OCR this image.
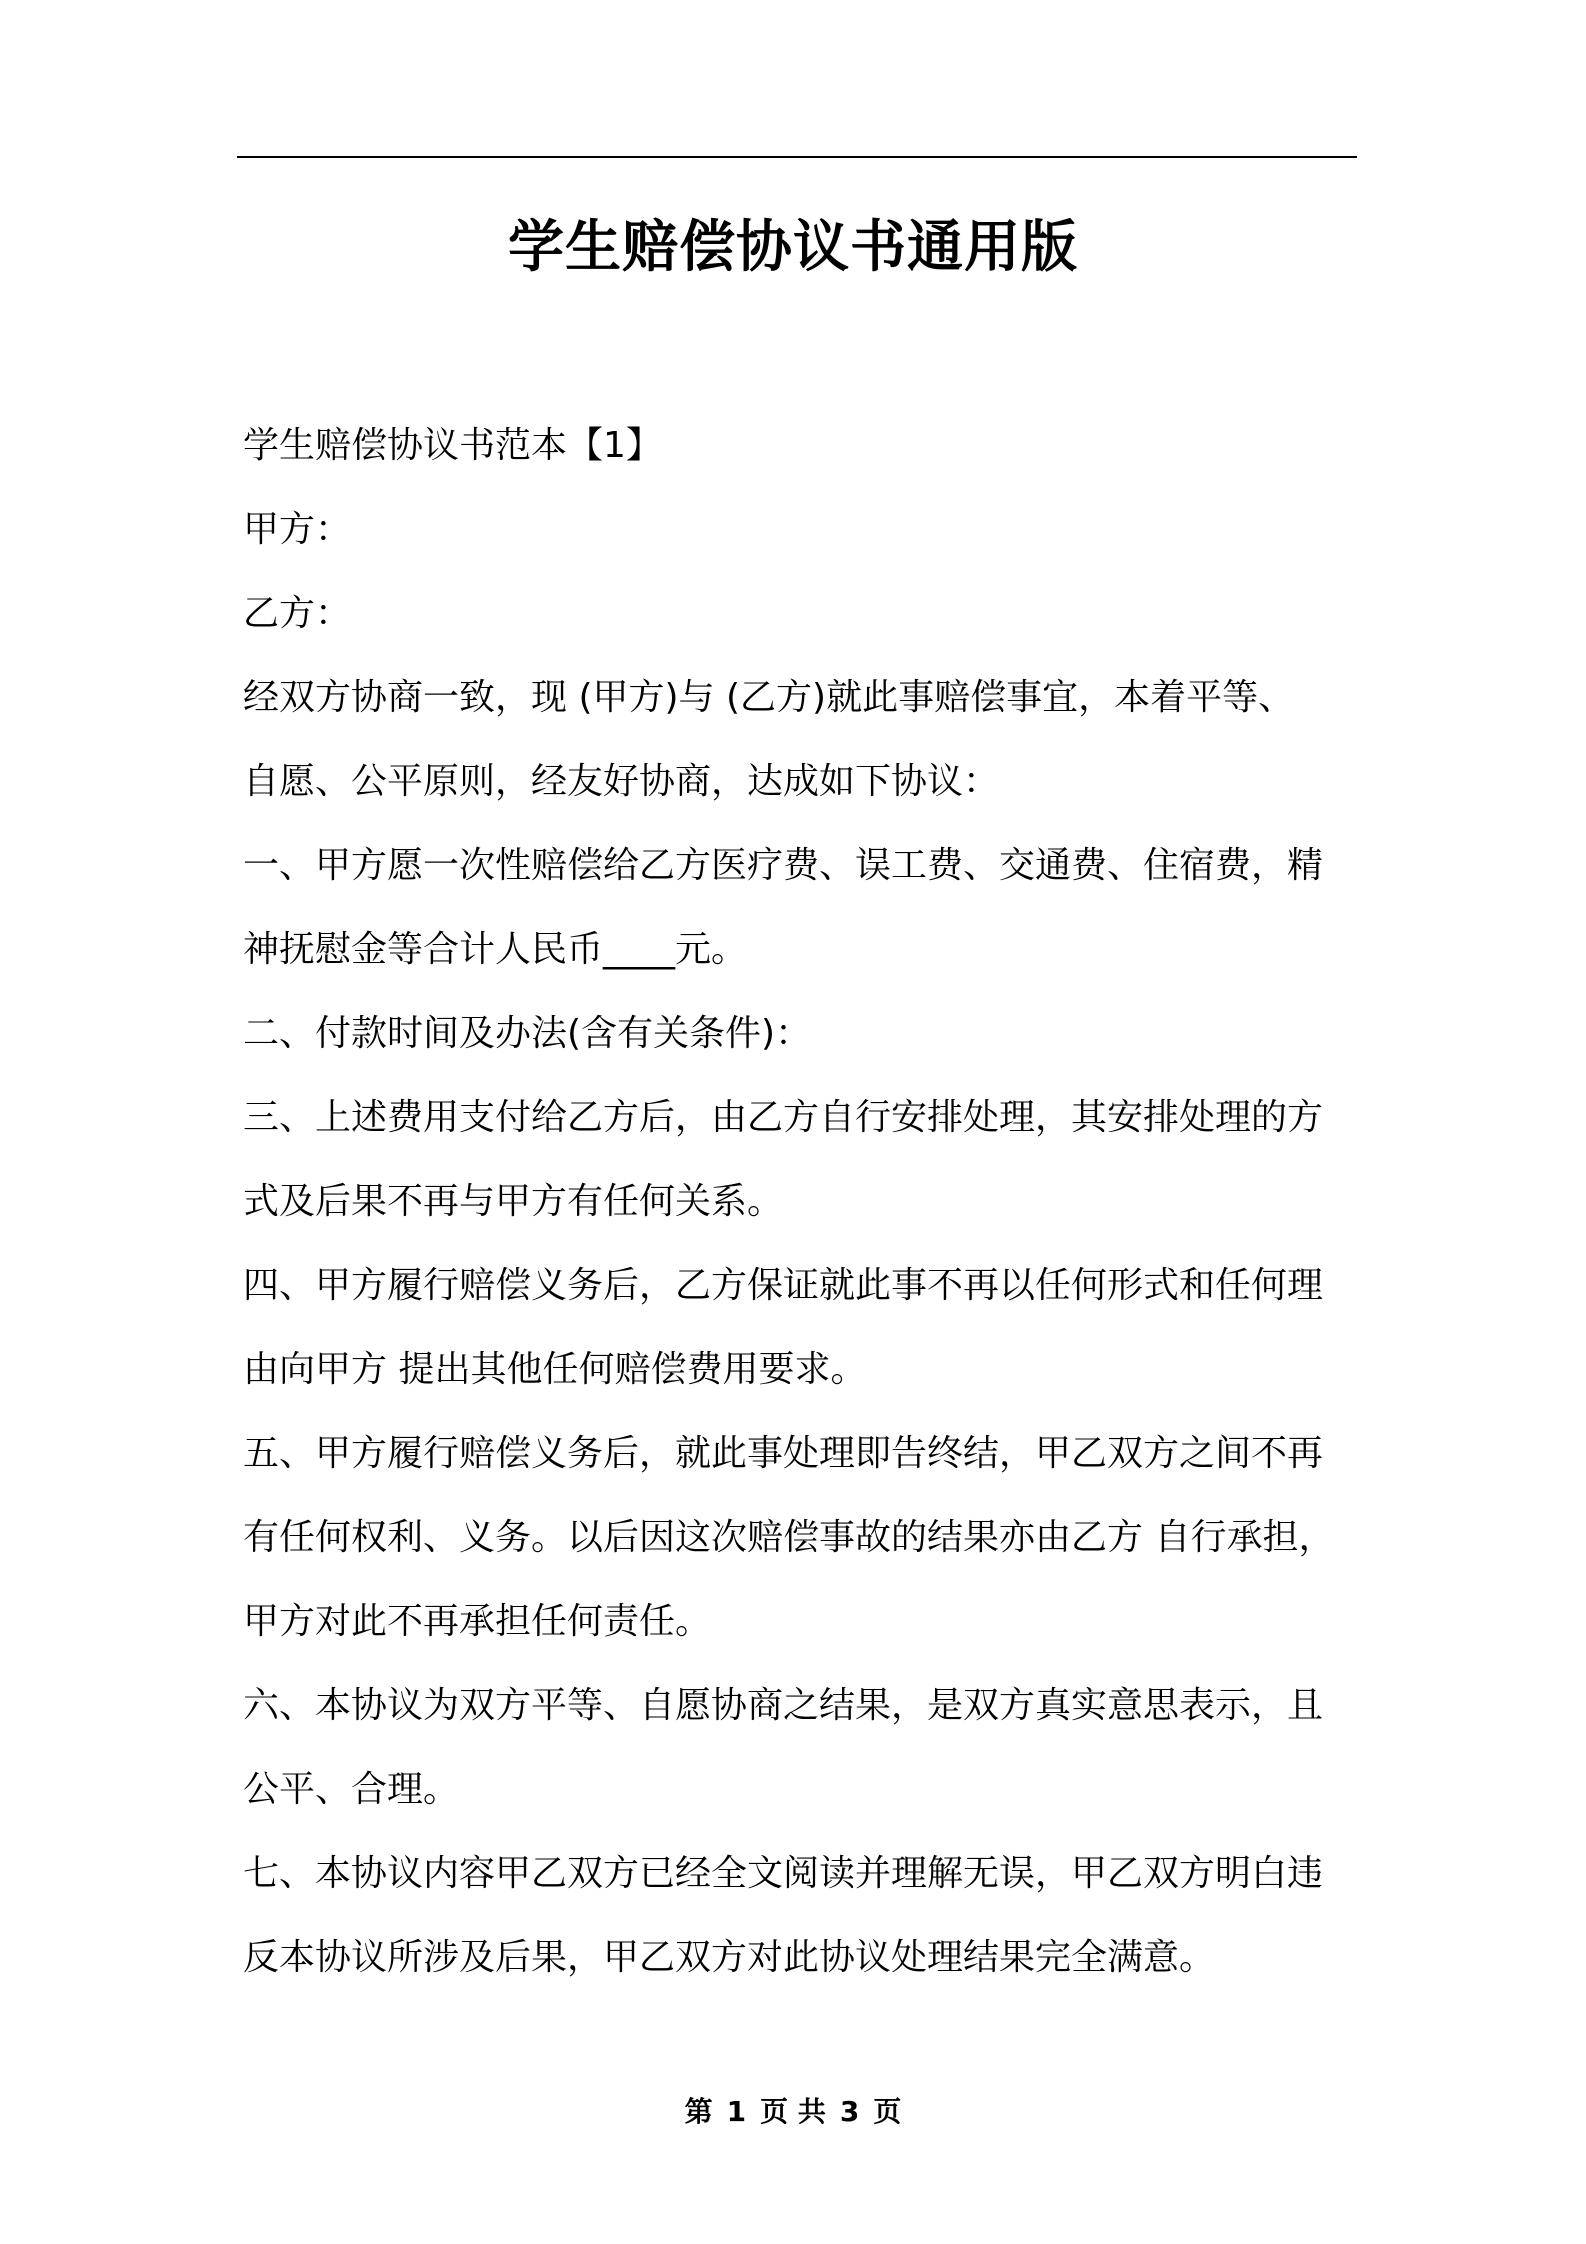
学生赔偿协议书通用版
学生赔偿协议书范本【1】
甲方：
乙方：
经双方协商一致，现 (甲方)与 (乙方)就此事赔偿事宜，本着平等、
自愿、公平原则，经友好协商，达成如下协议：
一、甲方愿一次性赔偿给乙方医疗费、误工费、交通费、住宿费，精
神抚慰金等合计人民币____元。
二、付款时间及办法(含有关条件)：
三、上述费用支付给乙方后，由乙方自行安排处理，其安排处理的方
式及后果不再与甲方有任何关系。
四、甲方履行赔偿义务后，乙方保证就此事不再以任何形式和任何理
由向甲方 提出其他任何赔偿费用要求。
五、甲方履行赔偿义务后，就此事处理即告终结，甲乙双方之间不再
有任何权利、义务。以后因这次赔偿事故的结果亦由乙方 自行承担，
甲方对此不再承担任何责任。
六、本协议为双方平等、自愿协商之结果，是双方真实意思表示，且
公平、合理。
七、本协议内容甲乙双方已经全文阅读并理解无误，甲乙双方明白违
反本协议所涉及后果，甲乙双方对此协议处理结果完全满意。
第 1 页 共 3 页
